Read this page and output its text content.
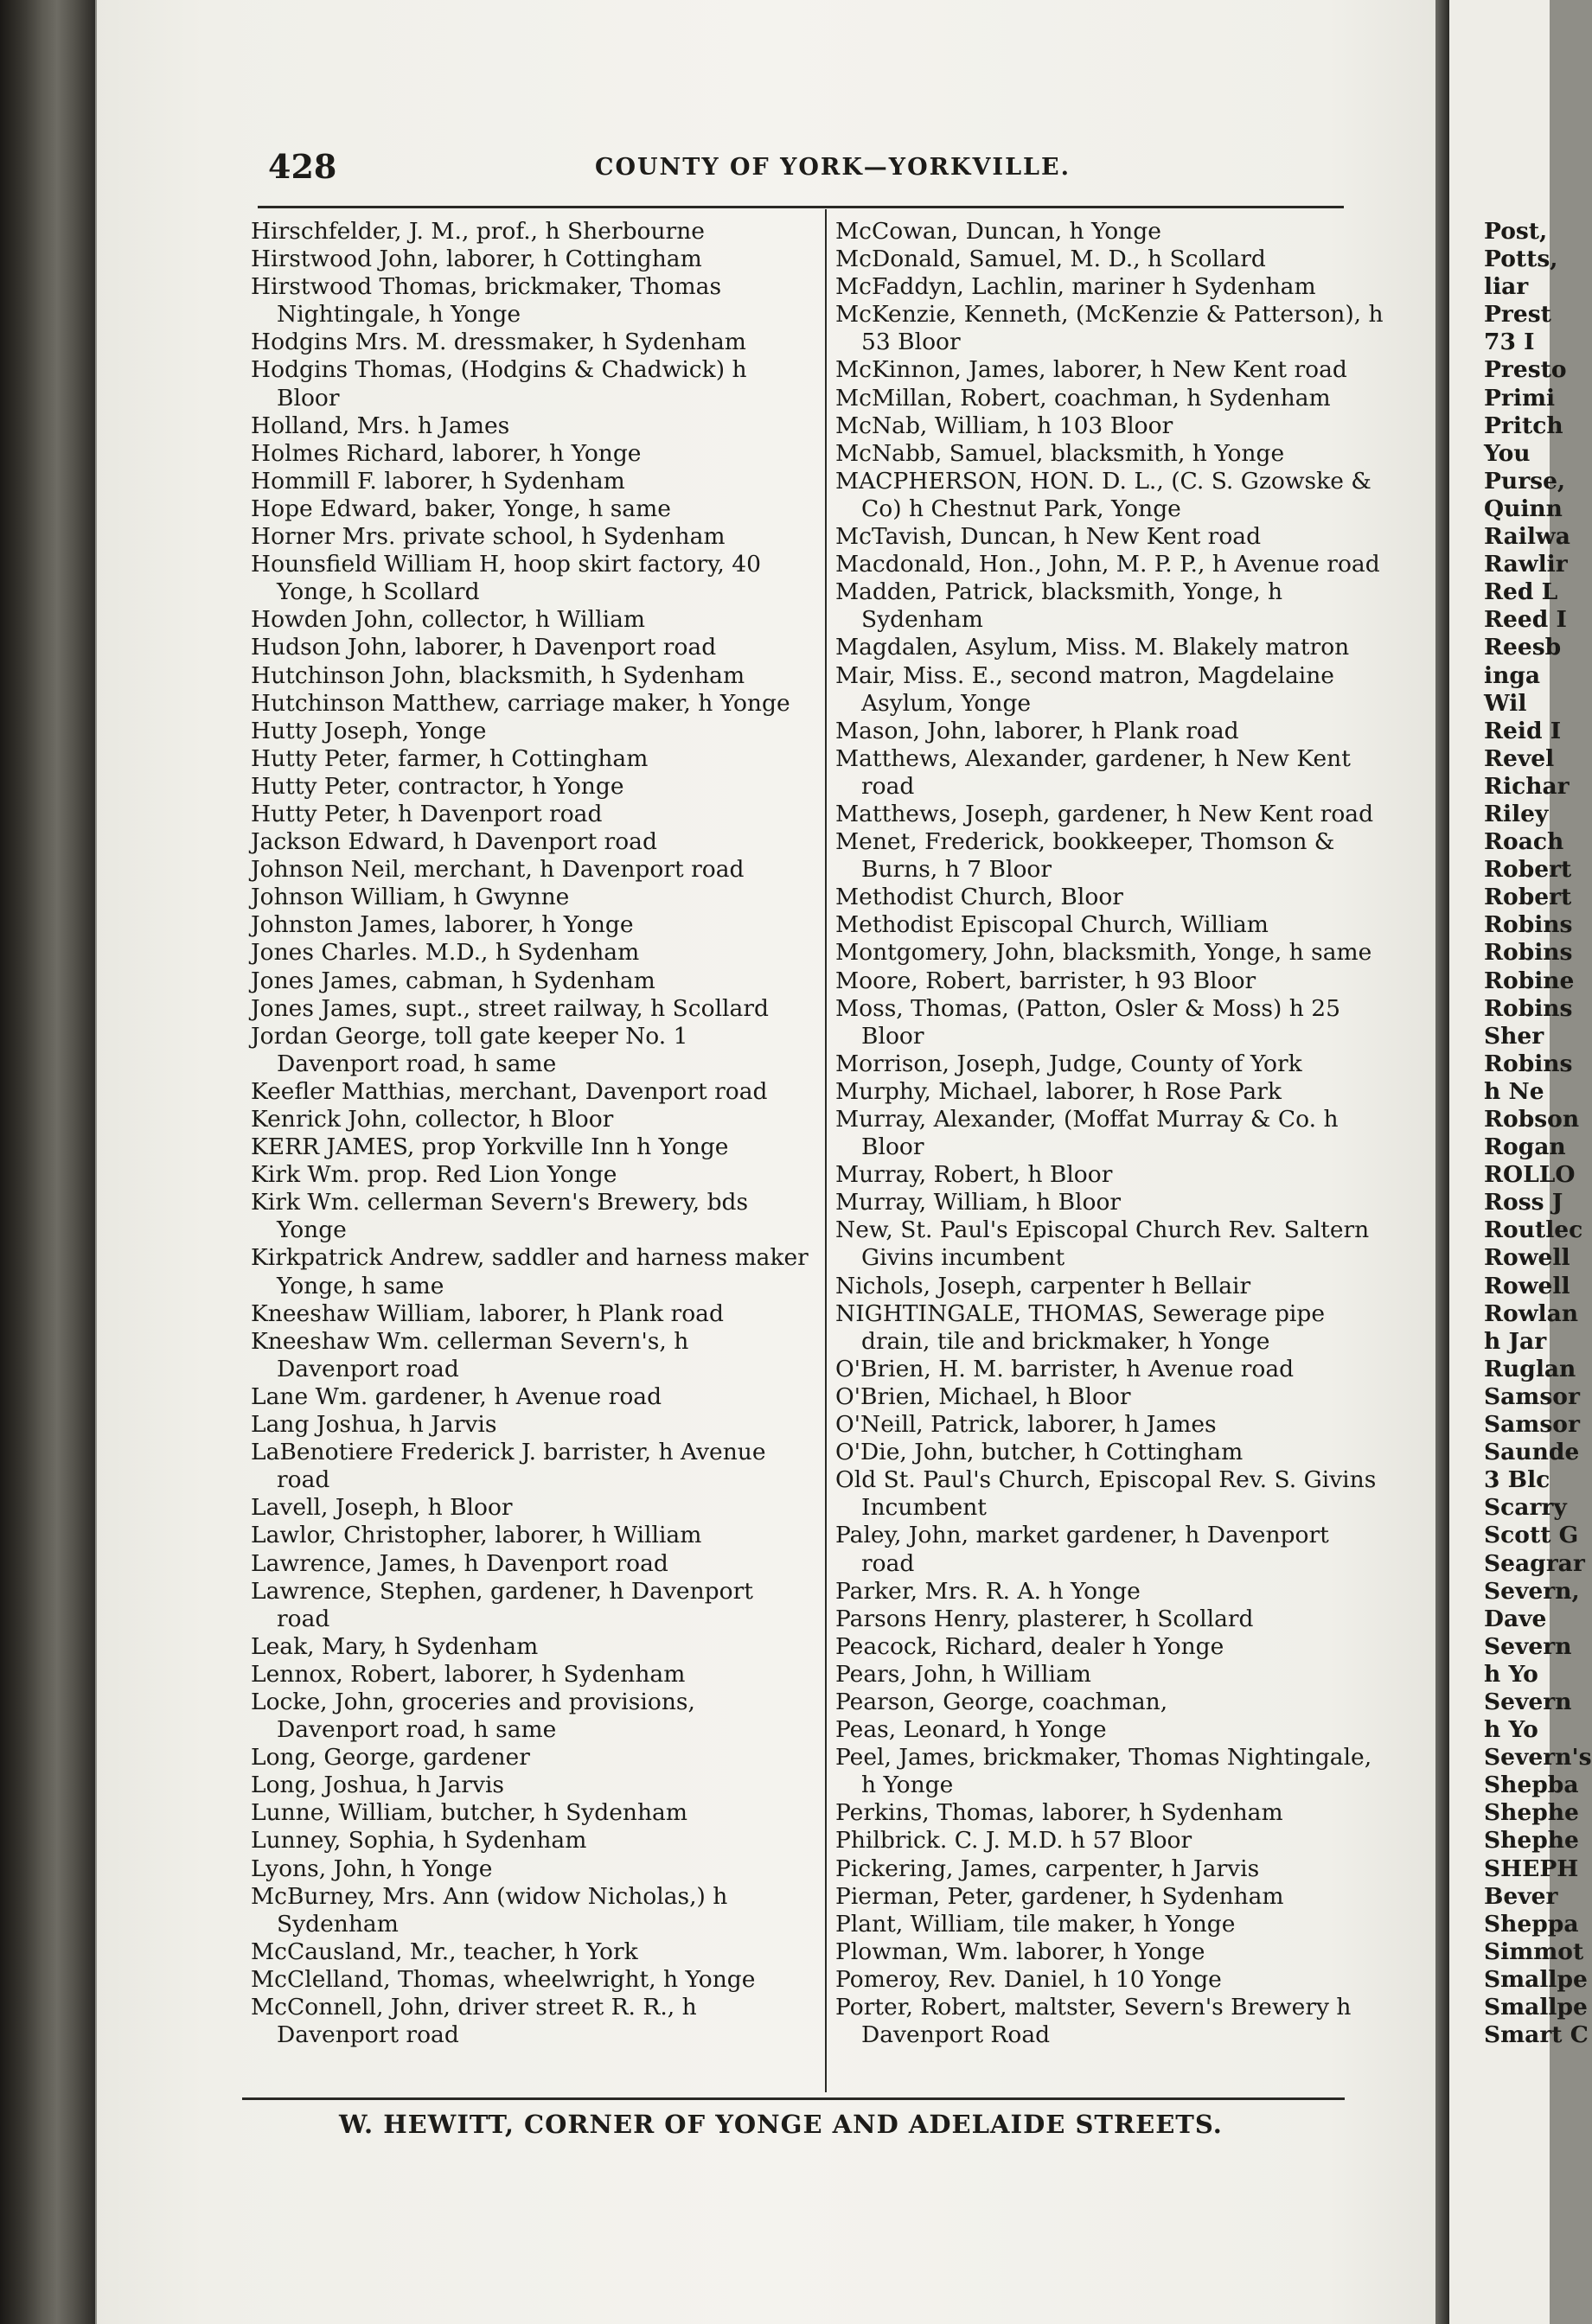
428	COUNTY OF YORK—YORKVILLE.
Hirschfelder, J. M., prof., h Sherbourne
Hirstwood John, laborer, h Cottingham
Hirstwood Thomas, brickmaker, Thomas Nightingale, h Yonge
Hodgins Mrs. M. dressmaker, h Sydenham
Hodgins Thomas, (Hodgins & Chadwick) h Bloor
Holland, Mrs. h James
Holmes Richard, laborer, h Yonge
Hommill F. laborer, h Sydenham
Hope Edward, baker, Yonge, h same
Horner Mrs. private school, h Sydenham
Hounsfield William H, hoop skirt factory, 40 Yonge, h Scollard
Howden John, collector, h William
Hudson John, laborer, h Davenport road
Hutchinson John, blacksmith, h Sydenham
Hutchinson Matthew, carriage maker, h Yonge
Hutty Joseph, Yonge
Hutty Peter, farmer, h Cottingham
Hutty Peter, contractor, h Yonge
Hutty Peter, h Davenport road
Jackson Edward, h Davenport road
Johnson Neil, merchant, h Davenport road
Johnson William, h Gwynne
Johnston James, laborer, h Yonge
Jones Charles. M.D., h Sydenham
Jones James, cabman, h Sydenham
Jones James, supt., street railway, h Scollard
Jordan George, toll gate keeper No. 1 Davenport road, h same
Keefler Matthias, merchant, Davenport road
Kenrick John, collector, h Bloor
KERR JAMES, prop Yorkville Inn h Yonge
Kirk Wm. prop. Red Lion Yonge
Kirk Wm. cellerman Severn's Brewery, bds Yonge
Kirkpatrick Andrew, saddler and harness maker Yonge, h same
Kneeshaw William, laborer, h Plank road
Kneeshaw Wm. cellerman Severn's, h Davenport road
Lane Wm. gardener, h Avenue road
Lang Joshua, h Jarvis
LaBenotiere Frederick J. barrister, h Avenue road
Lavell, Joseph, h Bloor
Lawlor, Christopher, laborer, h William
Lawrence, James, h Davenport road
Lawrence, Stephen, gardener, h Davenport road
Leak, Mary, h Sydenham
Lennox, Robert, laborer, h Sydenham
Locke, John, groceries and provisions, Davenport road, h same
Long, George, gardener
Long, Joshua, h Jarvis
Lunne, William, butcher, h Sydenham
Lunney, Sophia, h Sydenham
Lyons, John, h Yonge
McBurney, Mrs. Ann (widow Nicholas,) h Sydenham
McCausland, Mr., teacher, h York
McClelland, Thomas, wheelwright, h Yonge
McConnell, John, driver street R. R., h Davenport road
McCowan, Duncan, h Yonge
McDonald, Samuel, M. D., h Scollard
McFaddyn, Lachlin, mariner h Sydenham
McKenzie, Kenneth, (McKenzie & Patterson), h 53 Bloor
McKinnon, James, laborer, h New Kent road
McMillan, Robert, coachman, h Sydenham
McNab, William, h 103 Bloor
McNabb, Samuel, blacksmith, h Yonge
MACPHERSON, HON. D. L., (C. S. Gzowske & Co) h Chestnut Park, Yonge
McTavish, Duncan, h New Kent road
Macdonald, Hon., John, M. P. P., h Avenue road
Madden, Patrick, blacksmith, Yonge, h Sydenham
Magdalen, Asylum, Miss. M. Blakely matron
Mair, Miss. E., second matron, Magdelaine Asylum, Yonge
Mason, John, laborer, h Plank road
Matthews, Alexander, gardener, h New Kent road
Matthews, Joseph, gardener, h New Kent road
Menet, Frederick, bookkeeper, Thomson & Burns, h 7 Bloor
Methodist Church, Bloor
Methodist Episcopal Church, William
Montgomery, John, blacksmith, Yonge, h same
Moore, Robert, barrister, h 93 Bloor
Moss, Thomas, (Patton, Osler & Moss) h 25 Bloor
Morrison, Joseph, Judge, County of York
Murphy, Michael, laborer, h Rose Park
Murray, Alexander, (Moffat Murray & Co. h Bloor
Murray, Robert, h Bloor
Murray, William, h Bloor
New, St. Paul's Episcopal Church Rev. Saltern Givins incumbent
Nichols, Joseph, carpenter h Bellair
NIGHTINGALE, THOMAS, Sewerage pipe drain, tile and brickmaker, h Yonge
O'Brien, H. M. barrister, h Avenue road
O'Brien, Michael, h Bloor
O'Neill, Patrick, laborer, h James
O'Die, John, butcher, h Cottingham
Old St. Paul's Church, Episcopal Rev. S. Givins Incumbent
Paley, John, market gardener, h Davenport road
Parker, Mrs. R. A. h Yonge
Parsons Henry, plasterer, h Scollard
Peacock, Richard, dealer h Yonge
Pears, John, h William
Pearson, George, coachman,
Peas, Leonard, h Yonge
Peel, James, brickmaker, Thomas Nightingale, h Yonge
Perkins, Thomas, laborer, h Sydenham
Philbrick. C. J. M.D. h 57 Bloor
Pickering, James, carpenter, h Jarvis
Pierman, Peter, gardener, h Sydenham
Plant, William, tile maker, h Yonge
Plowman, Wm. laborer, h Yonge
Pomeroy, Rev. Daniel, h 10 Yonge
Porter, Robert, maltster, Severn's Brewery h Davenport Road
Post,
Potts,
liar
Prest
73 I
Presto
Primi
Pritch
You
Purse,
Quinn
Railwa
Rawlir
Red L
Reed I
Reesb
inga
Wil
Reid I
Revel
Richar
Riley
Roach
Robert
Robert
Robins
Robins
Robine
Robins
Sher
Robins
h Ne
Robson
Rogan
ROLLO
Ross J
Routlec
Rowell
Rowell
Rowlan
h Jar
Ruglan
Samsor
Samsor
Saunde
3 Blc
Scarry
Scott G
Seagrar
Severn,
Dave
Severn
h Yo
Severn
h Yo
Severn's
Shepba
Shephe
Shephe
SHEPH
Bever
Sheppa
Simmot
Smallpe
Smallpe
Smart C
W. HEWITT, CORNER OF YONGE AND ADELAIDE STREETS.
